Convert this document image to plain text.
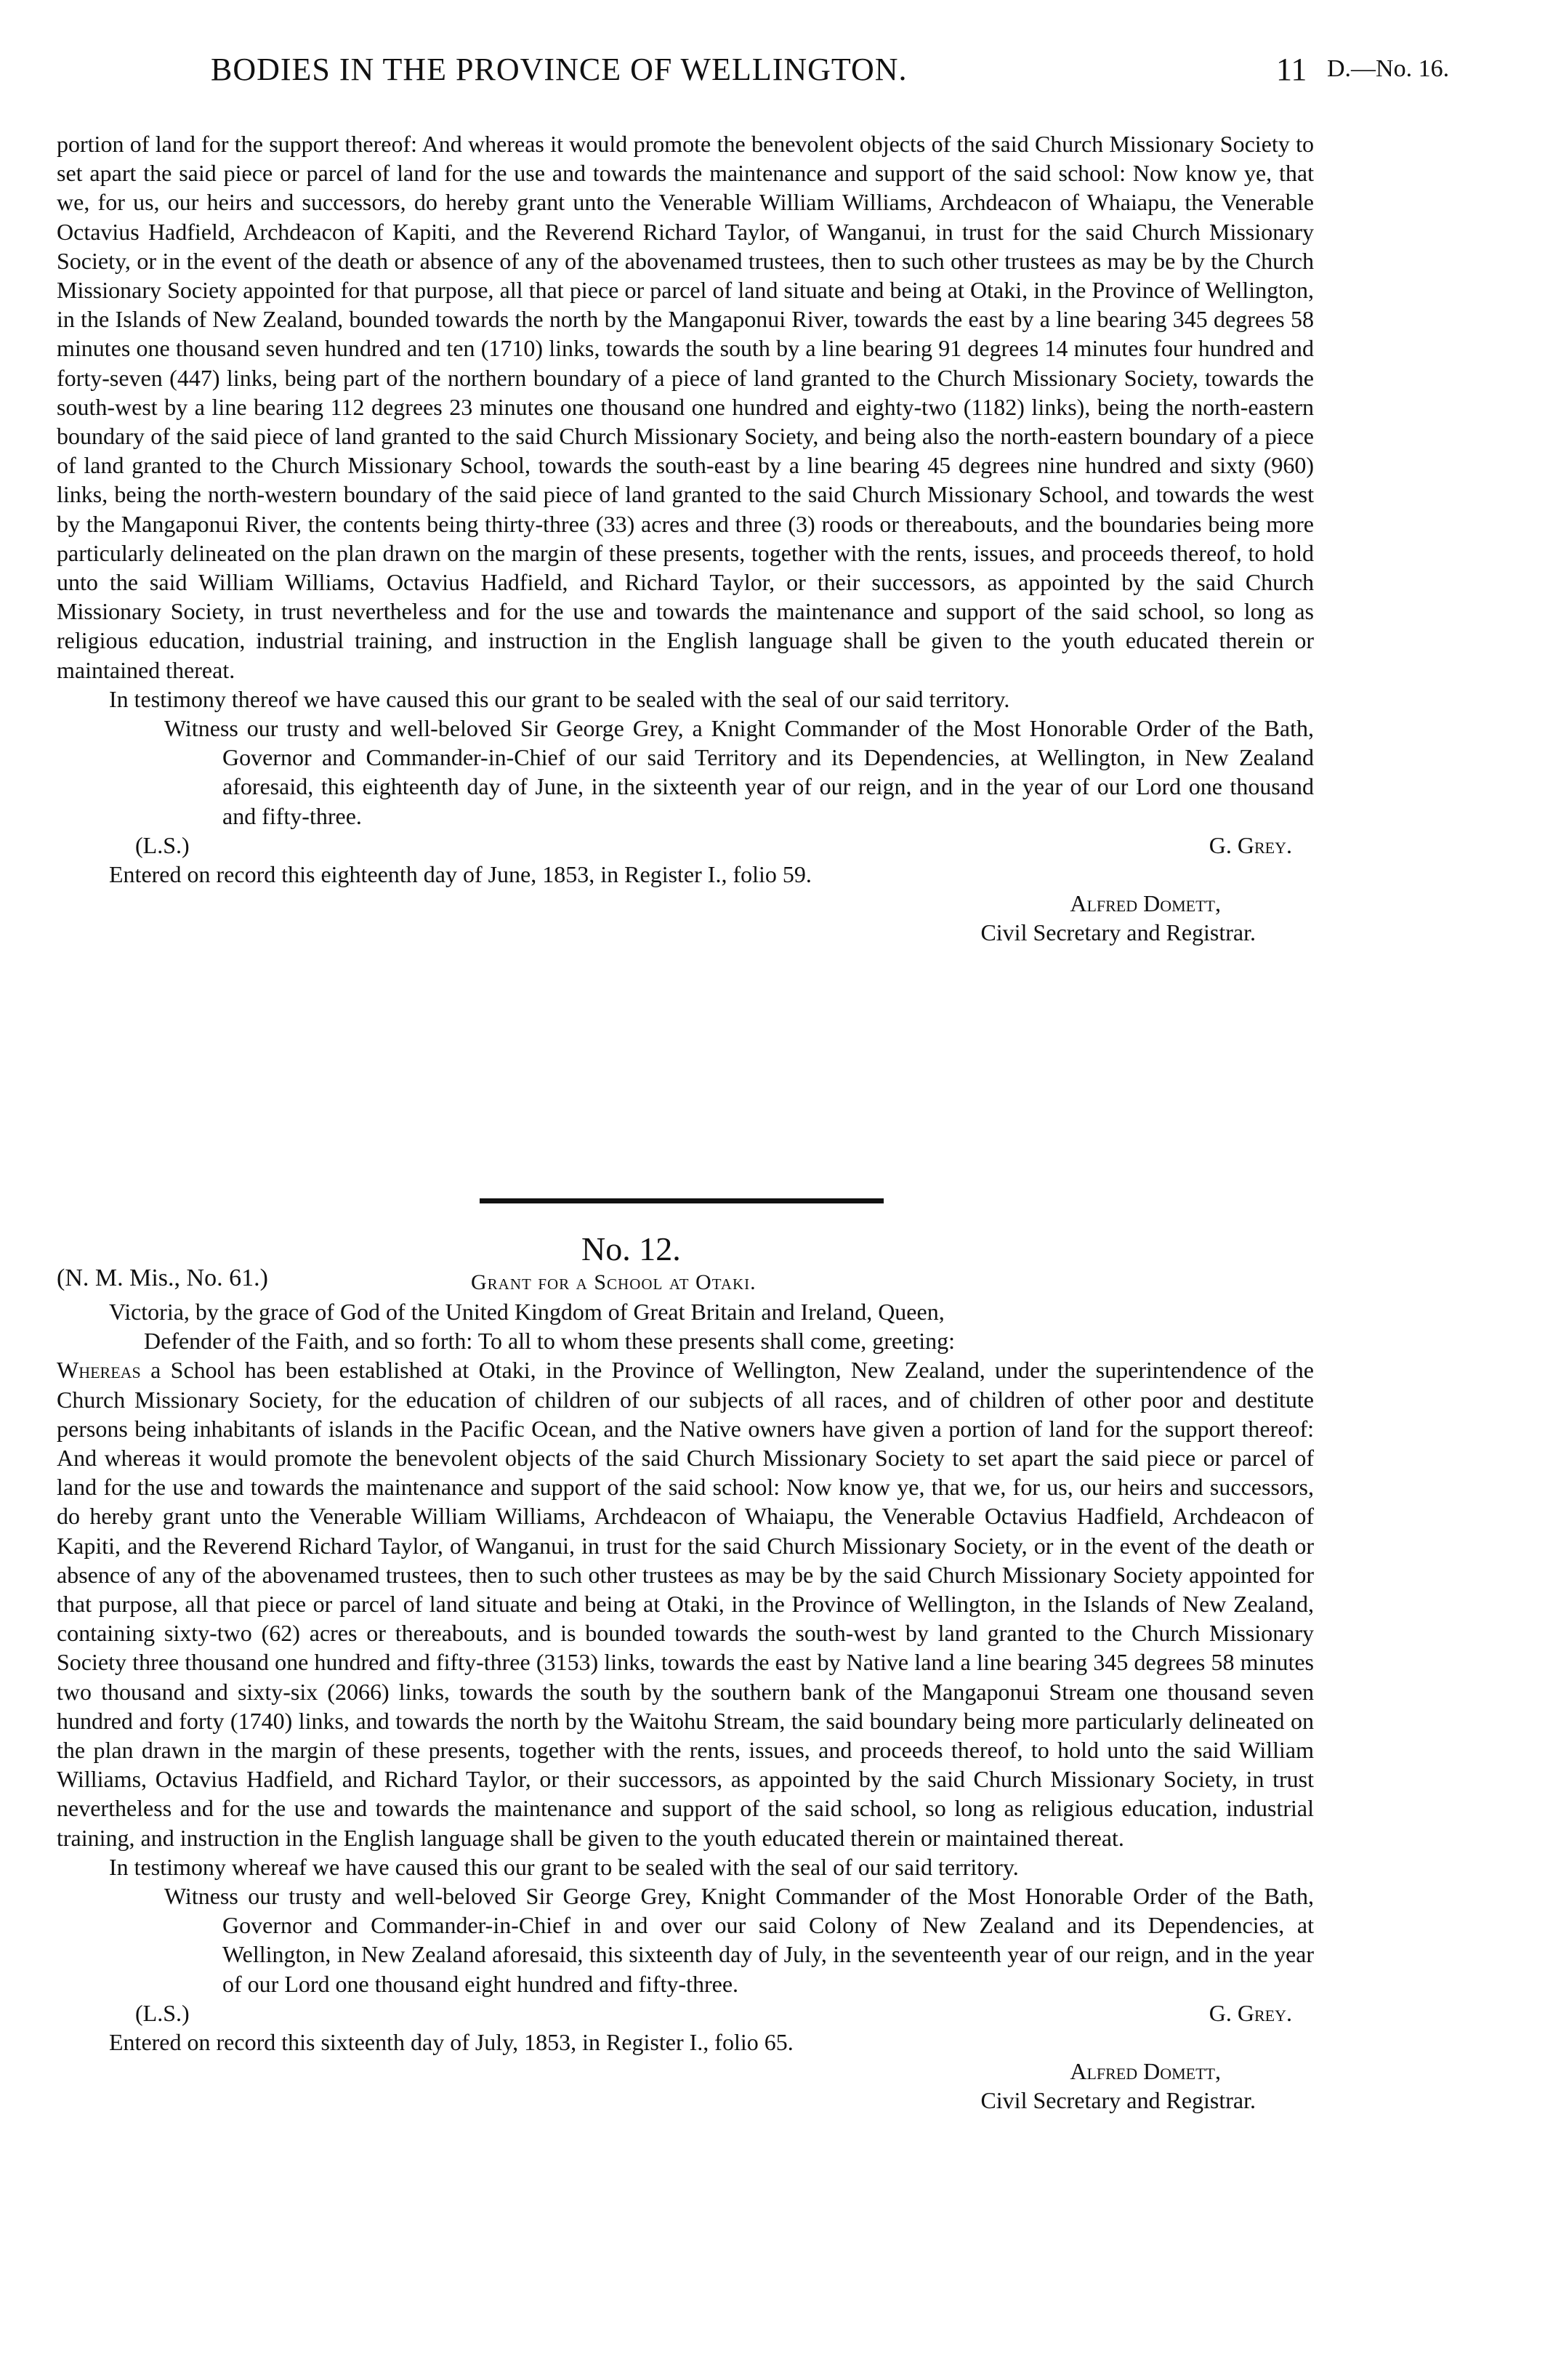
BODIES IN THE PROVINCE OF WELLINGTON.	11 D.—No. 16.

portion of land for the support thereof: And whereas it would promote the benevolent objects of the said Church Missionary Society to set apart the said piece or parcel of land for the use and towards the maintenance and support of the said school: Now know ye, that we, for us, our heirs and successors, do hereby grant unto the Venerable William Williams, Archdeacon of Whaiapu, the Venerable Octavius Hadfield, Archdeacon of Kapiti, and the Reverend Richard Taylor, of Wanganui, in trust for the said Church Missionary Society, or in the event of the death or absence of any of the abovenamed trustees, then to such other trustees as may be by the Church Missionary Society appointed for that purpose, all that piece or parcel of land situate and being at Otaki, in the Province of Wellington, in the Islands of New Zealand, bounded towards the north by the Mangaponui River, towards the east by a line bearing 345 degrees 58 minutes one thousand seven hundred and ten (1710) links, towards the south by a line bearing 91 degrees 14 minutes four hundred and forty-seven (447) links, being part of the northern boundary of a piece of land granted to the Church Missionary Society, towards the south-west by a line bearing 112 degrees 23 minutes one thousand one hundred and eighty-two (1182) links), being the north-eastern boundary of the said piece of land granted to the said Church Missionary Society, and being also the north-eastern boundary of a piece of land granted to the Church Missionary School, towards the south-east by a line bearing 45 degrees nine hundred and sixty (960) links, being the north-western boundary of the said piece of land granted to the said Church Missionary School, and towards the west by the Mangaponui River, the contents being thirty-three (33) acres and three (3) roods or thereabouts, and the boundaries being more particularly delineated on the plan drawn on the margin of these presents, together with the rents, issues, and proceeds thereof, to hold unto the said William Williams, Octavius Hadfield, and Richard Taylor, or their successors, as appointed by the said Church Missionary Society, in trust nevertheless and for the use and towards the maintenance and support of the said school, so long as religious education, industrial training, and instruction in the English language shall be given to the youth educated therein or maintained thereat.

In testimony thereof we have caused this our grant to be sealed with the seal of our said territory.

Witness our trusty and well-beloved Sir George Grey, a Knight Commander of the Most Honorable Order of the Bath, Governor and Commander-in-Chief of our said Territory and its Dependencies, at Wellington, in New Zealand aforesaid, this eighteenth day of June, in the sixteenth year of our reign, and in the year of our Lord one thousand and fifty-three.

(L.S.)	G. Grey.

Entered on record this eighteenth day of June, 1853, in Register I., folio 59.

Alfred Domett,
Civil Secretary and Registrar.
No. 12.

(N. M. Mis., No. 61.)	Grant for a School at Otaki.

Victoria, by the grace of God of the United Kingdom of Great Britain and Ireland, Queen,

Defender of the Faith, and so forth: To all to whom these presents shall come, greeting:

Whereas a School has been established at Otaki, in the Province of Wellington, New Zealand, under the superintendence of the Church Missionary Society, for the education of children of our subjects of all races, and of children of other poor and destitute persons being inhabitants of islands in the Pacific Ocean, and the Native owners have given a portion of land for the support thereof: And whereas it would promote the benevolent objects of the said Church Missionary Society to set apart the said piece or parcel of land for the use and towards the maintenance and support of the said school: Now know ye, that we, for us, our heirs and successors, do hereby grant unto the Venerable William Williams, Archdeacon of Whaiapu, the Venerable Octavius Hadfield, Archdeacon of Kapiti, and the Reverend Richard Taylor, of Wanganui, in trust for the said Church Missionary Society, or in the event of the death or absence of any of the abovenamed trustees, then to such other trustees as may be by the said Church Missionary Society appointed for that purpose, all that piece or parcel of land situate and being at Otaki, in the Province of Wellington, in the Islands of New Zealand, containing sixty-two (62) acres or thereabouts, and is bounded towards the south-west by land granted to the Church Missionary Society three thousand one hundred and fifty-three (3153) links, towards the east by Native land a line bearing 345 degrees 58 minutes two thousand and sixty-six (2066) links, towards the south by the southern bank of the Mangaponui Stream one thousand seven hundred and forty (1740) links, and towards the north by the Waitohu Stream, the said boundary being more particularly delineated on the plan drawn in the margin of these presents, together with the rents, issues, and proceeds thereof, to hold unto the said William Williams, Octavius Hadfield, and Richard Taylor, or their successors, as appointed by the said Church Missionary Society, in trust nevertheless and for the use and towards the maintenance and support of the said school, so long as religious education, industrial training, and instruction in the English language shall be given to the youth educated therein or maintained thereat.

In testimony whereaf we have caused this our grant to be sealed with the seal of our said territory.

Witness our trusty and well-beloved Sir George Grey, Knight Commander of the Most Honorable Order of the Bath, Governor and Commander-in-Chief in and over our said Colony of New Zealand and its Dependencies, at Wellington, in New Zealand aforesaid, this sixteenth day of July, in the seventeenth year of our reign, and in the year of our Lord one thousand eight hundred and fifty-three.

(L.S.)	G. Grey.

Entered on record this sixteenth day of July, 1853, in Register I., folio 65.

Alfred Domett,
Civil Secretary and Registrar.
